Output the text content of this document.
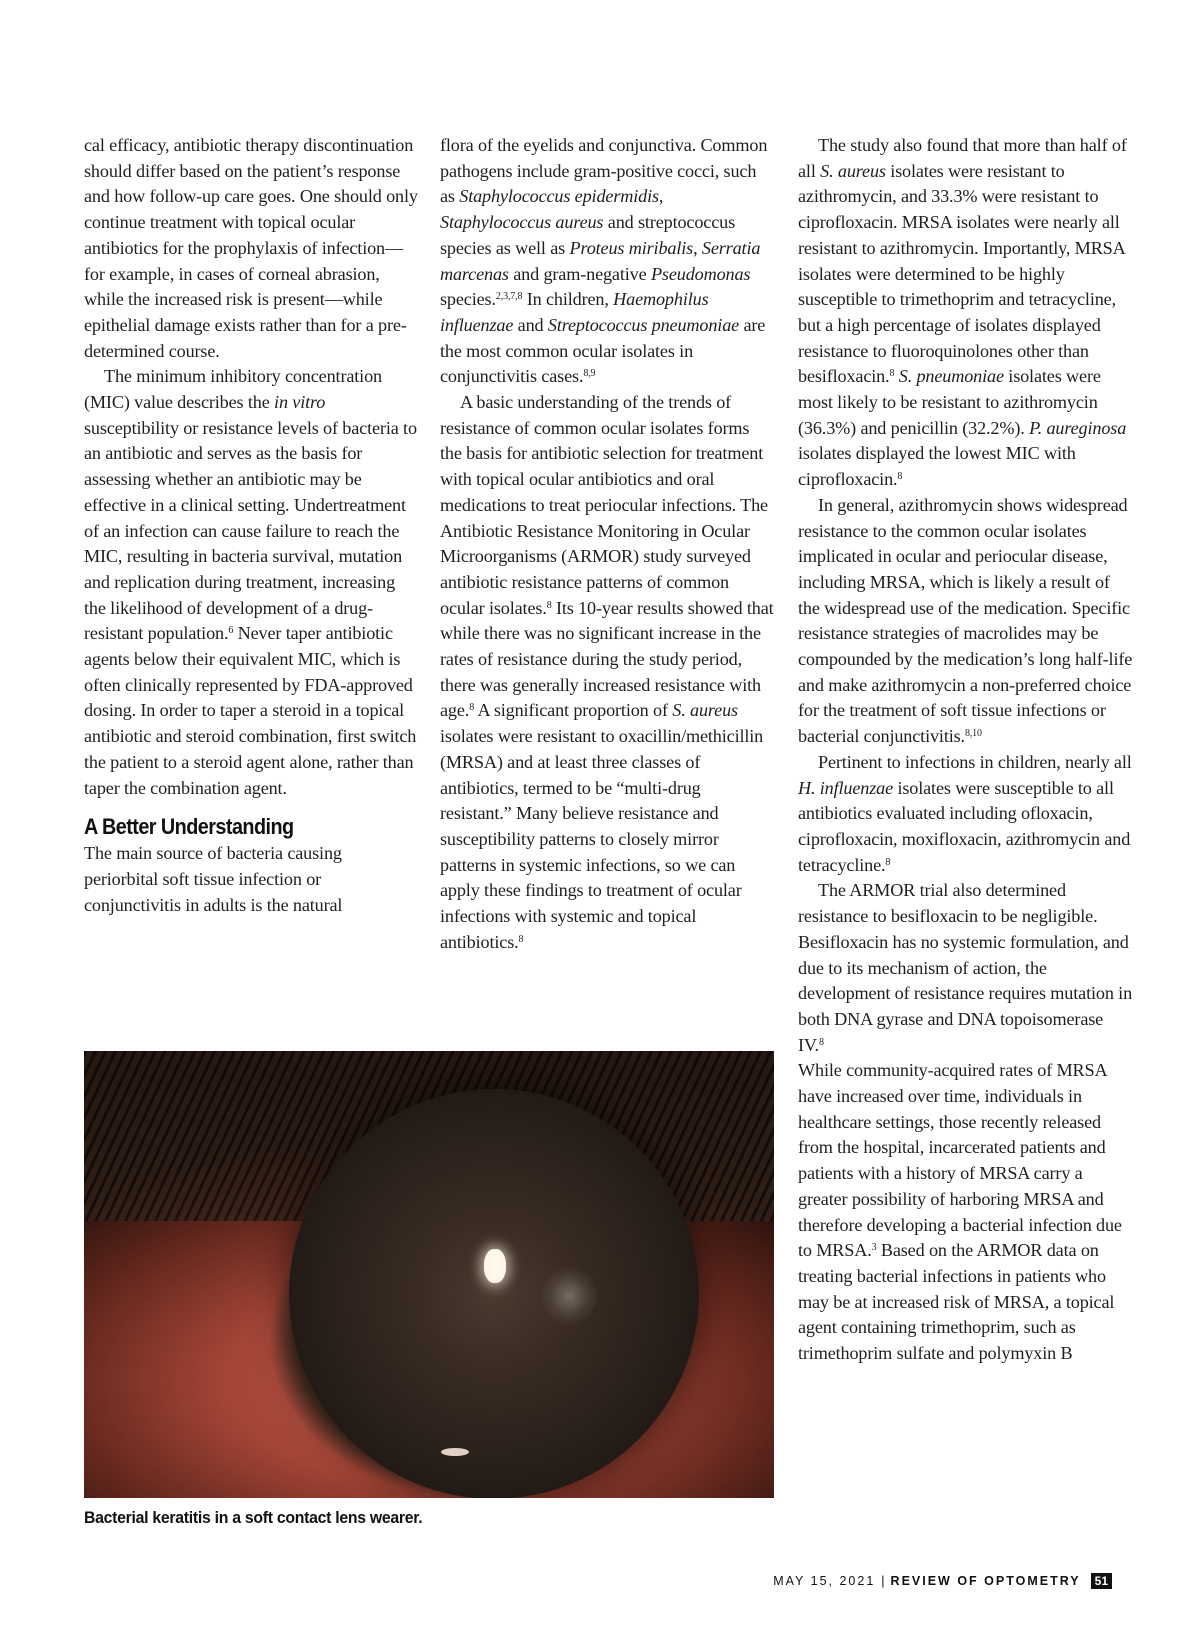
cal efficacy, antibiotic therapy discontinuation should differ based on the patient’s response and how follow-up care goes. One should only continue treatment with topical ocular antibiotics for the prophylaxis of infection—for example, in cases of corneal abrasion, while the increased risk is present—while epithelial damage exists rather than for a pre-determined course.

The minimum inhibitory concentration (MIC) value describes the in vitro susceptibility or resistance levels of bacteria to an antibiotic and serves as the basis for assessing whether an antibiotic may be effective in a clinical setting. Undertreatment of an infection can cause failure to reach the MIC, resulting in bacteria survival, mutation and replication during treatment, increasing the likelihood of development of a drug-resistant population.$^6$ Never taper antibiotic agents below their equivalent MIC, which is often clinically represented by FDA-approved dosing. In order to taper a steroid in a topical antibiotic and steroid combination, first switch the patient to a steroid agent alone, rather than taper the combination agent.

A Better Understanding

The main source of bacteria causing periorbital soft tissue infection or conjunctivitis in adults is the natural

flora of the eyelids and conjunctiva. Common pathogens include gram-positive cocci, such as Staphylococcus epidermidis, Staphylococcus aureus and streptococcus species as well as Proteus miribalis, Serratia marcenas and gram-negative Pseudomonas species.$^{2,3,7,8}$ In children, Haemophilus influenzae and Streptococcus pneumoniae are the most common ocular isolates in conjunctivitis cases.$^{8,9}$

A basic understanding of the trends of resistance of common ocular isolates forms the basis for antibiotic selection for treatment with topical ocular antibiotics and oral medications to treat periocular infections. The Antibiotic Resistance Monitoring in Ocular Microorganisms (ARMOR) study surveyed antibiotic resistance patterns of common ocular isolates.$^8$ Its 10-year results showed that while there was no significant increase in the rates of resistance during the study period, there was generally increased resistance with age.$^8$ A significant proportion of S. aureus isolates were resistant to oxacillin/methicillin (MRSA) and at least three classes of antibiotics, termed to be “multi-drug resistant.” Many believe resistance and susceptibility patterns to closely mirror patterns in systemic infections, so we can apply these findings to treatment of ocular infections with systemic and topical antibiotics.$^8$

The study also found that more than half of all S. aureus isolates were resistant to azithromycin, and 33.3% were resistant to ciprofloxacin. MRSA isolates were nearly all resistant to azithromycin. Importantly, MRSA isolates were determined to be highly susceptible to trimethoprim and tetracycline, but a high percentage of isolates displayed resistance to fluoroquinolones other than besifloxacin.$^8$ S. pneumoniae isolates were most likely to be resistant to azithromycin (36.3%) and penicillin (32.2%). P. aureginosa isolates displayed the lowest MIC with ciprofloxacin.$^8$

In general, azithromycin shows widespread resistance to the common ocular isolates implicated in ocular and periocular disease, including MRSA, which is likely a result of the widespread use of the medication. Specific resistance strategies of macrolides may be compounded by the medication’s long half-life and make azithromycin a non-preferred choice for the treatment of soft tissue infections or bacterial conjunctivitis.$^{8,10}$

Pertinent to infections in children, nearly all H. influenzae isolates were susceptible to all antibiotics evaluated including ofloxacin, ciprofloxacin, moxifloxacin, azithromycin and tetracycline.$^8$

The ARMOR trial also determined resistance to besifloxacin to be negligible. Besifloxacin has no systemic formulation, and due to its mechanism of action, the development of resistance requires mutation in both DNA gyrase and DNA topoisomerase IV.$^8$

While community-acquired rates of MRSA have increased over time, individuals in healthcare settings, those recently released from the hospital, incarcerated patients and patients with a history of MRSA carry a greater possibility of harboring MRSA and therefore developing a bacterial infection due to MRSA.$^3$ Based on the ARMOR data on treating bacterial infections in patients who may be at increased risk of MRSA, a topical agent containing trimethoprim, such as trimethoprim sulfate and polymyxin B

Bacterial keratitis in a soft contact lens wearer.
MAY 15, 2021 | REVIEW OF OPTOMETRY	51
